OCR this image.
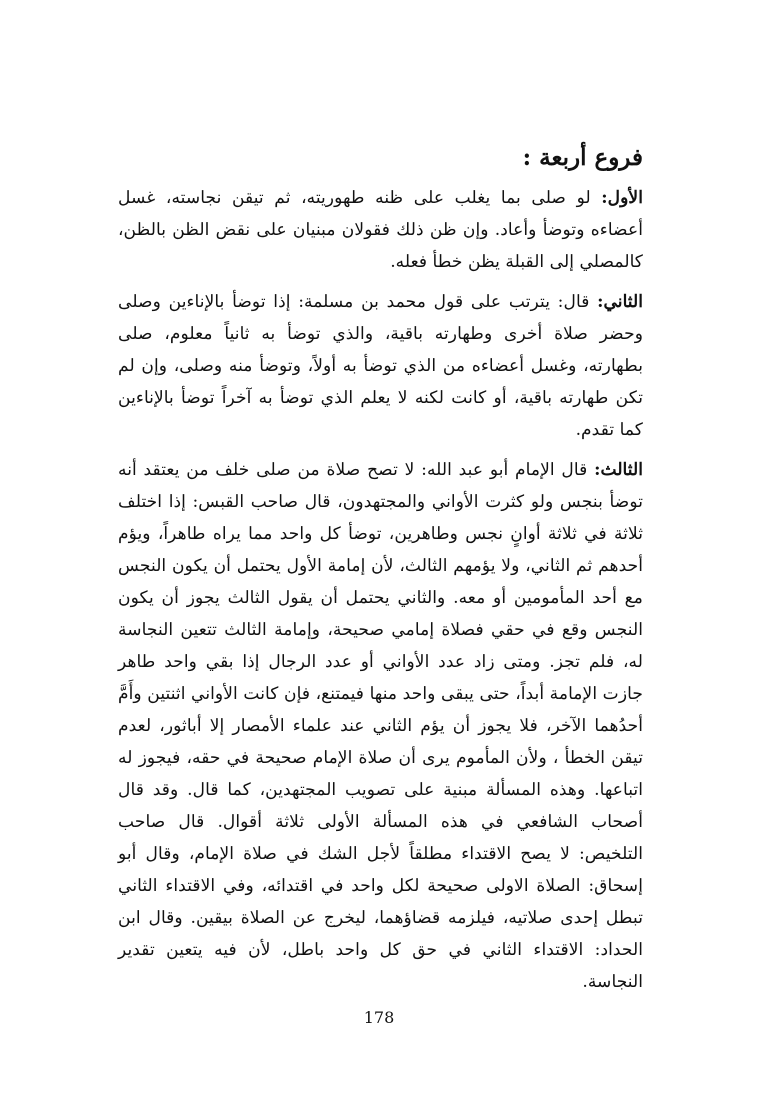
فروع أربعة :

الأول: لو صلى بما يغلب على ظنه طهوريته، ثم تيقن نجاسته، غسل أعضاءه وتوضأ وأعاد. وإن ظن ذلك فقولان مبنيان على نقض الظن بالظن، كالمصلي إلى القبلة يظن خطأ فعله.

الثاني: قال: يترتب على قول محمد بن مسلمة: إذا توضأ بالإناءين وصلى وحضر صلاة أخرى وطهارته باقية، والذي توضأ به ثانياً معلوم، صلى بطهارته، وغسل أعضاءه من الذي توضأ به أولاً، وتوضأ منه وصلى، وإن لم تكن طهارته باقية، أو كانت لكنه لا يعلم الذي توضأ به آخراً توضأ بالإناءين كما تقدم.

الثالث: قال الإمام أبو عبد الله: لا تصح صلاة من صلى خلف من يعتقد أنه توضأ بنجس ولو كثرت الأواني والمجتهدون، قال صاحب القبس: إذا اختلف ثلاثة في ثلاثة أوانٍ نجس وطاهرين، توضأ كل واحد مما يراه طاهراً، ويؤم أحدهم ثم الثاني، ولا يؤمهم الثالث، لأن إمامة الأول يحتمل أن يكون النجس مع أحد المأمومين أو معه. والثاني يحتمل أن يقول الثالث يجوز أن يكون النجس وقع في حقي فصلاة إمامي صحيحة، وإمامة الثالث تتعين النجاسة له، فلم تجز. ومتى زاد عدد الأواني أو عدد الرجال إذا بقي واحد طاهر جازت الإمامة أبداً، حتى يبقى واحد منها فيمتنع، فإن كانت الأواني اثنتين وأَمَّ أحدُهما الآخر، فلا يجوز أن يؤم الثاني عند علماء الأمصار إلا أباثور، لعدم تيقن الخطأ ، ولأن المأموم يرى أن صلاة الإمام صحيحة في حقه، فيجوز له اتباعها. وهذه المسألة مبنية على تصويب المجتهدين، كما قال. وقد قال أصحاب الشافعي في هذه المسألة الأولى ثلاثة أقوال. قال صاحب التلخيص: لا يصح الاقتداء مطلقاً لأجل الشك في صلاة الإمام، وقال أبو إسحاق: الصلاة الاولى صحيحة لكل واحد في اقتدائه، وفي الاقتداء الثاني تبطل إحدى صلاتيه، فيلزمه قضاؤهما، ليخرج عن الصلاة بيقين. وقال ابن الحداد: الاقتداء الثاني في حق كل واحد باطل، لأن فيه يتعين تقدير النجاسة.

178
